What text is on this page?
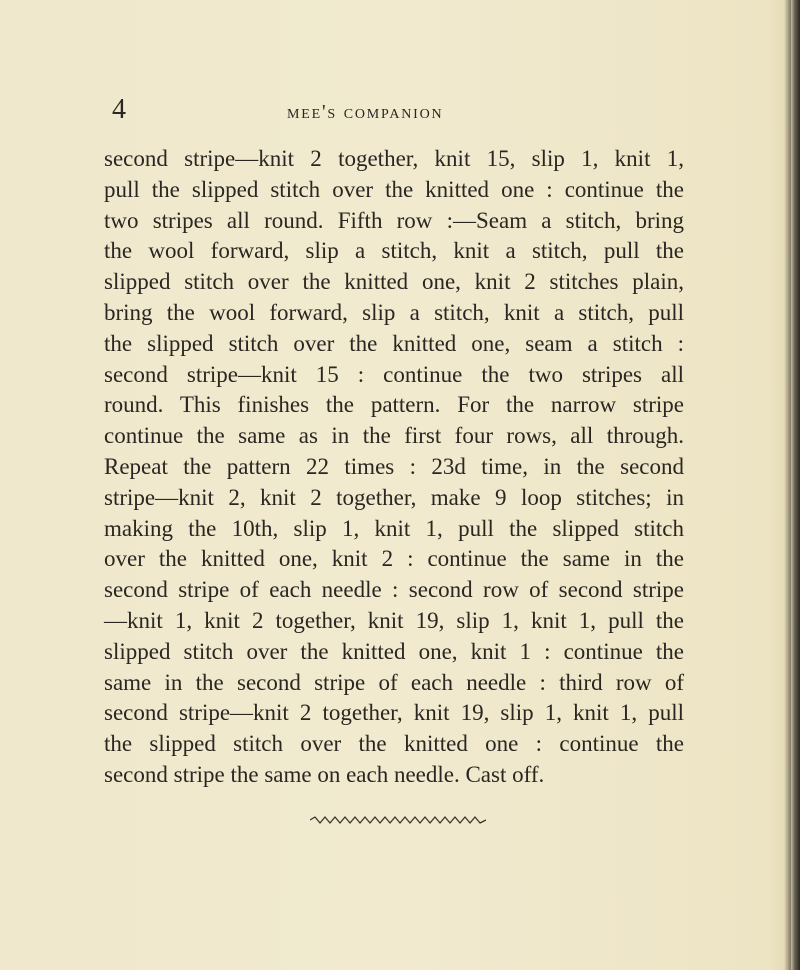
4	mee's companion
second stripe—knit 2 together, knit 15, slip 1, knit 1,
pull the slipped stitch over the knitted one : continue the
two stripes all round. Fifth row :—Seam a stitch, bring
the wool forward, slip a stitch, knit a stitch, pull the
slipped stitch over the knitted one, knit 2 stitches plain,
bring the wool forward, slip a stitch, knit a stitch, pull
the slipped stitch over the knitted one, seam a stitch :
second stripe—knit 15 : continue the two stripes all
round. This finishes the pattern. For the narrow stripe
continue the same as in the first four rows, all through.
Repeat the pattern 22 times : 23d time, in the second
stripe—knit 2, knit 2 together, make 9 loop stitches; in
making the 10th, slip 1, knit 1, pull the slipped stitch
over the knitted one, knit 2 : continue the same in the
second stripe of each needle : second row of second stripe
—knit 1, knit 2 together, knit 19, slip 1, knit 1, pull the
slipped stitch over the knitted one, knit 1 : continue the
same in the second stripe of each needle : third row of
second stripe—knit 2 together, knit 19, slip 1, knit 1, pull
the slipped stitch over the knitted one : continue the
second stripe the same on each needle. Cast off.
